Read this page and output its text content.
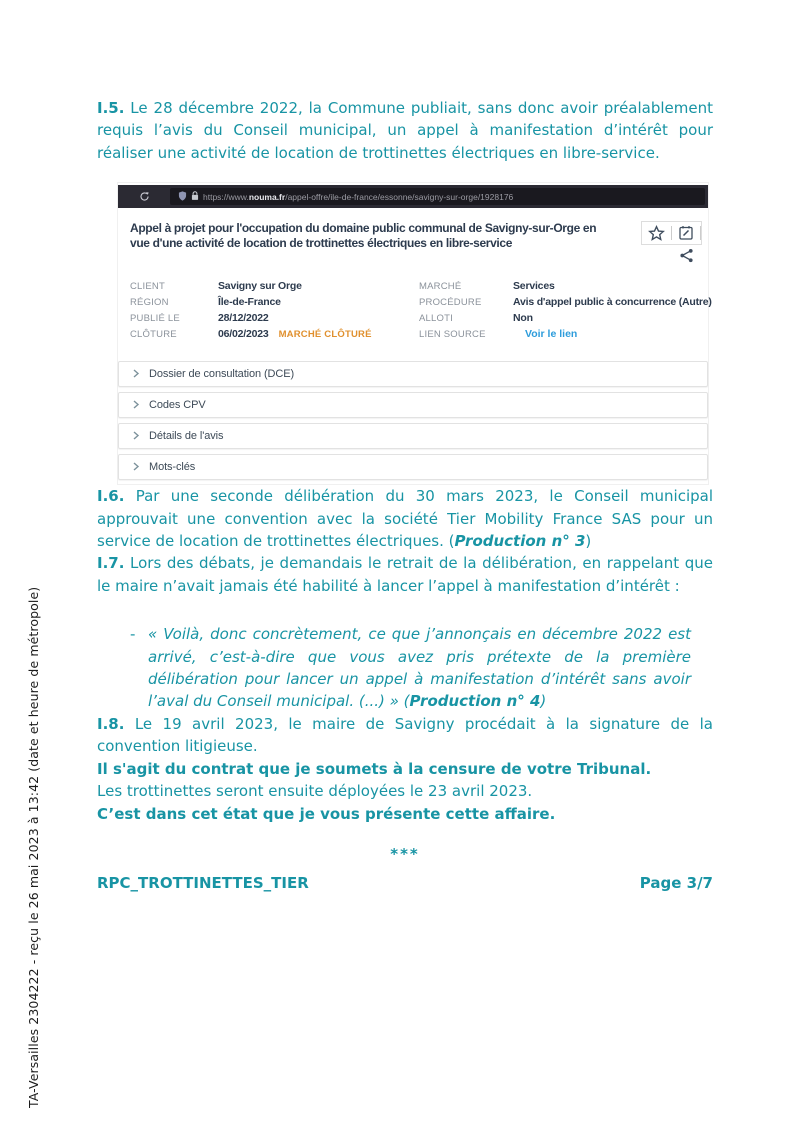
TA-Versailles 2304222 - reçu le 26 mai 2023 à 13:42 (date et heure de métropole)

I.5. Le 28 décembre 2022, la Commune publiait, sans donc avoir préalablement requis l’avis du Conseil municipal, un appel à manifestation d’intérêt pour réaliser une activité de location de trottinettes électriques en libre-service.

https://www.nouma.fr/appel-offre/ile-de-france/essonne/savigny-sur-orge/1928176
Appel à projet pour l'occupation du domaine public communal de Savigny-sur-Orge en vue d'une activité de location de trottinettes électriques en libre-service
CLIENT	Savigny sur Orge
RÉGION	Île-de-France
PUBLIÉ LE	28/12/2022
CLÔTURE	06/02/2023 MARCHÉ CLÔTURÉ
MARCHÉ	Services
PROCÉDURE	Avis d'appel public à concurrence (Autre)
ALLOTI	Non
LIEN SOURCE	Voir le lien
Dossier de consultation (DCE)
Codes CPV
Détails de l'avis
Mots-clés

I.6. Par une seconde délibération du 30 mars 2023, le Conseil municipal approuvait une convention avec la société Tier Mobility France SAS pour un service de location de trottinettes électriques. (Production n° 3)

I.7. Lors des débats, je demandais le retrait de la délibération, en rappelant que le maire n’avait jamais été habilité à lancer l’appel à manifestation d’intérêt :

- « Voilà, donc concrètement, ce que j’annonçais en décembre 2022 est arrivé, c’est-à-dire que vous avez pris prétexte de la première délibération pour lancer un appel à manifestation d’intérêt sans avoir l’aval du Conseil municipal. (...) » (Production n° 4)

I.8. Le 19 avril 2023, le maire de Savigny procédait à la signature de la convention litigieuse.

Il s'agit du contrat que je soumets à la censure de votre Tribunal.

Les trottinettes seront ensuite déployées le 23 avril 2023.

C’est dans cet état que je vous présente cette affaire.

***
RPC_TROTTINETTES_TIER	Page 3/7
